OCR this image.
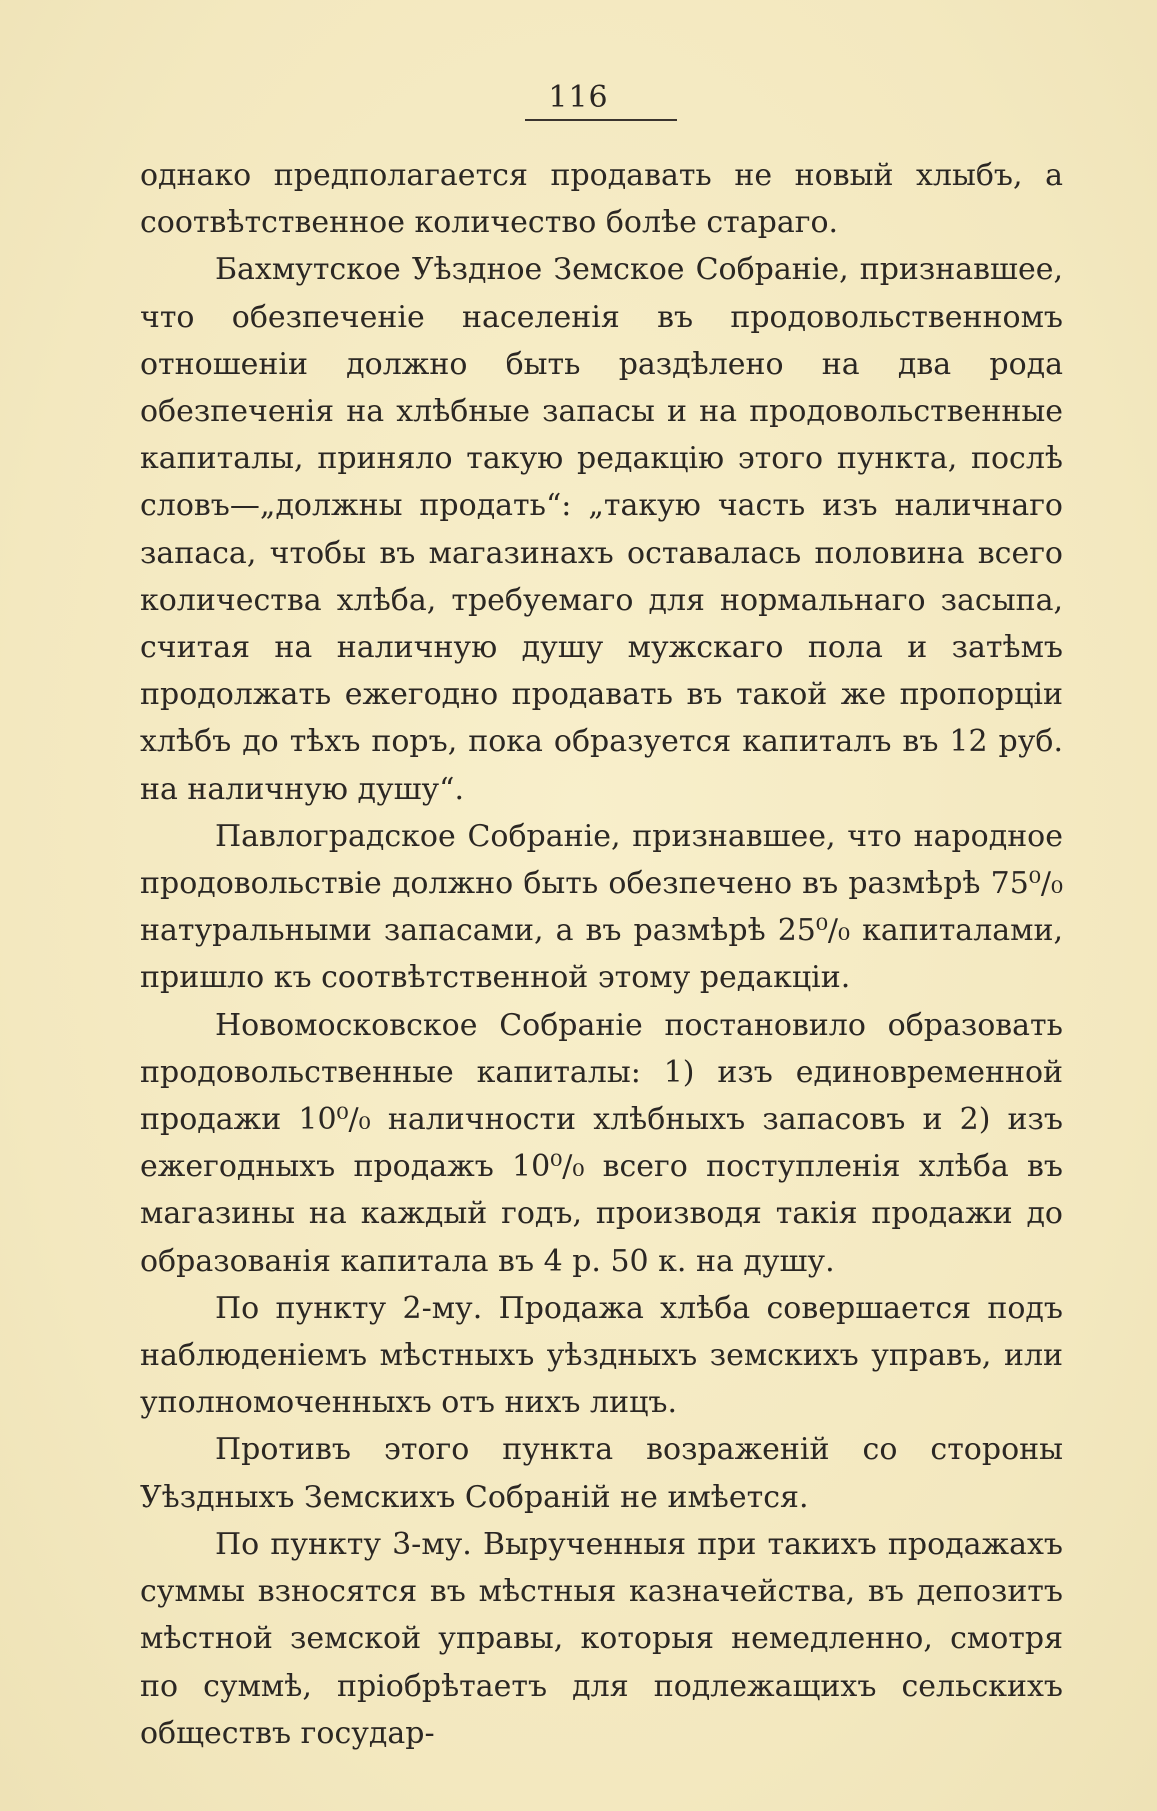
116

однако предполагается продавать не новый хлыбъ, а соотвѣтственное количество болѣе стараго.

Бахмутское Уѣздное Земское Собраніе, признавшее, что обезпеченіе населенія въ продовольственномъ отношеніи должно быть раздѣлено на два рода обезпеченія на хлѣбные запасы и на продовольственные капиталы, приняло такую редакцію этого пункта, послѣ словъ—„должны продать“: „такую часть изъ наличнаго запаса, чтобы въ магазинахъ оставалась половина всего количества хлѣба, требуемаго для нормальнаго засыпа, считая на наличную душу мужскаго пола и затѣмъ продолжать ежегодно продавать въ такой же пропорціи хлѣбъ до тѣхъ поръ, пока образуется капиталъ въ 12 руб. на наличную душу“.

Павлоградское Собраніе, признавшее, что народное продовольствіе должно быть обезпечено въ размѣрѣ 75⁰/₀ натуральными запасами, а въ размѣрѣ 25⁰/₀ капиталами, пришло къ соотвѣтственной этому редакціи.

Новомосковское Собраніе постановило образовать продовольственные капиталы: 1) изъ единовременной продажи 10⁰/₀ наличности хлѣбныхъ запасовъ и 2) изъ ежегодныхъ продажъ 10⁰/₀ всего поступленія хлѣба въ магазины на каждый годъ, производя такія продажи до образованія капитала въ 4 р. 50 к. на душу.

По пункту 2-му. Продажа хлѣба совершается подъ наблюденіемъ мѣстныхъ уѣздныхъ земскихъ управъ, или уполномоченныхъ отъ нихъ лицъ.

Противъ этого пункта возраженій со стороны Уѣздныхъ Земскихъ Собраній не имѣется.

По пункту 3-му. Вырученныя при такихъ продажахъ суммы взносятся въ мѣстныя казначейства, въ депозитъ мѣстной земской управы, которыя немедленно, смотря по суммѣ, пріобрѣтаетъ для подлежащихъ сельскихъ обществъ государ-
